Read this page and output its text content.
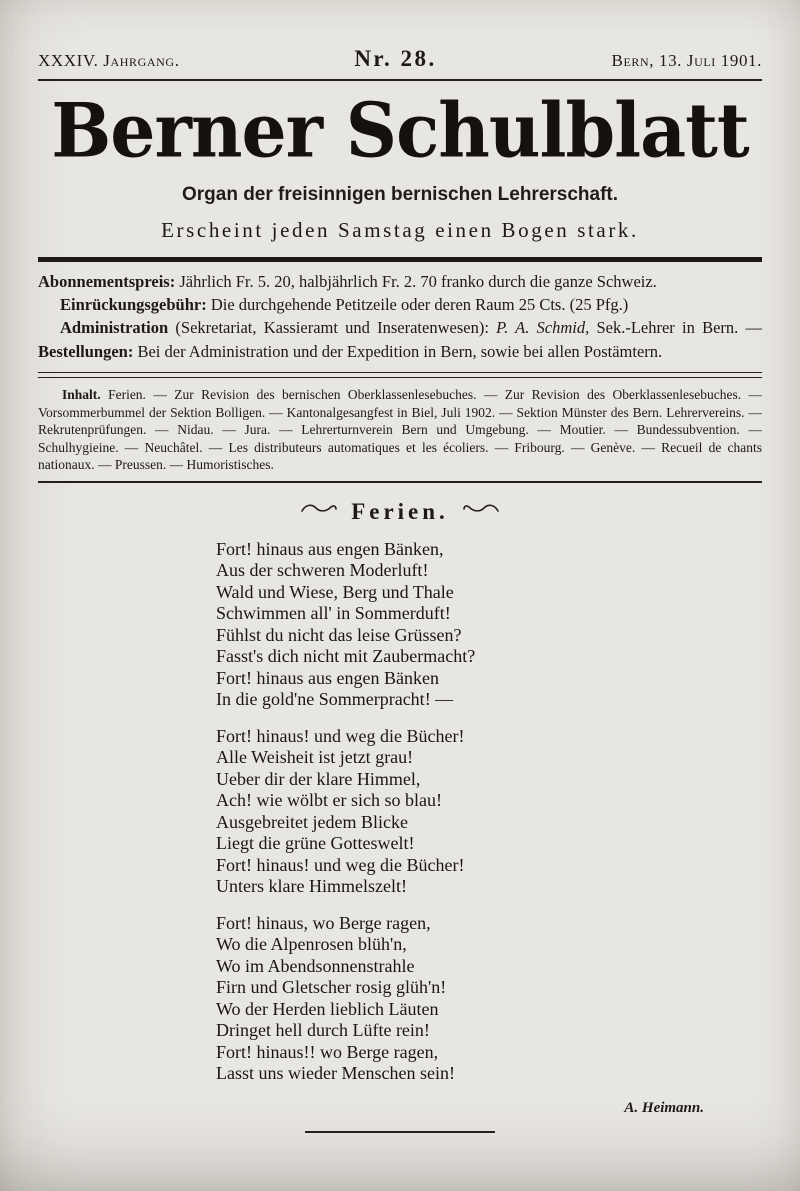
XXXIV. Jahrgang.	Nr. 28.	Bern, 13. Juli 1901.
Berner Schulblatt
Organ der freisinnigen bernischen Lehrerschaft.
Erscheint jeden Samstag einen Bogen stark.

Abonnementspreis: Jährlich Fr. 5. 20, halbjährlich Fr. 2. 70 franko durch die ganze Schweiz.

Einrückungsgebühr: Die durchgehende Petitzeile oder deren Raum 25 Cts. (25 Pfg.)

Administration (Sekretariat, Kassieramt und Inseratenwesen): P. A. Schmid, Sek.-Lehrer in Bern. — Bestellungen: Bei der Administration und der Expedition in Bern, sowie bei allen Postämtern.

Inhalt. Ferien. — Zur Revision des bernischen Oberklassenlesebuches. — Zur Revision des Oberklassenlesebuches. — Vorsommerbummel der Sektion Bolligen. — Kantonalgesangfest in Biel, Juli 1902. — Sektion Münster des Bern. Lehrervereins. — Rekrutenprüfungen. — Nidau. — Jura. — Lehrerturnverein Bern und Umgebung. — Moutier. — Bundessubvention. — Schulhygieine. — Neuchâtel. — Les distributeurs automatiques et les écoliers. — Fribourg. — Genève. — Recueil de chants nationaux. — Preussen. — Humoristisches.

Ferien.
Fort! hinaus aus engen Bänken,
Aus der schweren Moderluft!
Wald und Wiese, Berg und Thale
Schwimmen all' in Sommerduft!
Fühlst du nicht das leise Grüssen?
Fasst's dich nicht mit Zaubermacht?
Fort! hinaus aus engen Bänken
In die gold'ne Sommerpracht! —
Fort! hinaus! und weg die Bücher!
Alle Weisheit ist jetzt grau!
Ueber dir der klare Himmel,
Ach! wie wölbt er sich so blau!
Ausgebreitet jedem Blicke
Liegt die grüne Gotteswelt!
Fort! hinaus! und weg die Bücher!
Unters klare Himmelszelt!
Fort! hinaus, wo Berge ragen,
Wo die Alpenrosen blüh'n,
Wo im Abendsonnenstrahle
Firn und Gletscher rosig glüh'n!
Wo der Herden lieblich Läuten
Dringet hell durch Lüfte rein!
Fort! hinaus!! wo Berge ragen,
Lasst uns wieder Menschen sein!
A. Heimann.
